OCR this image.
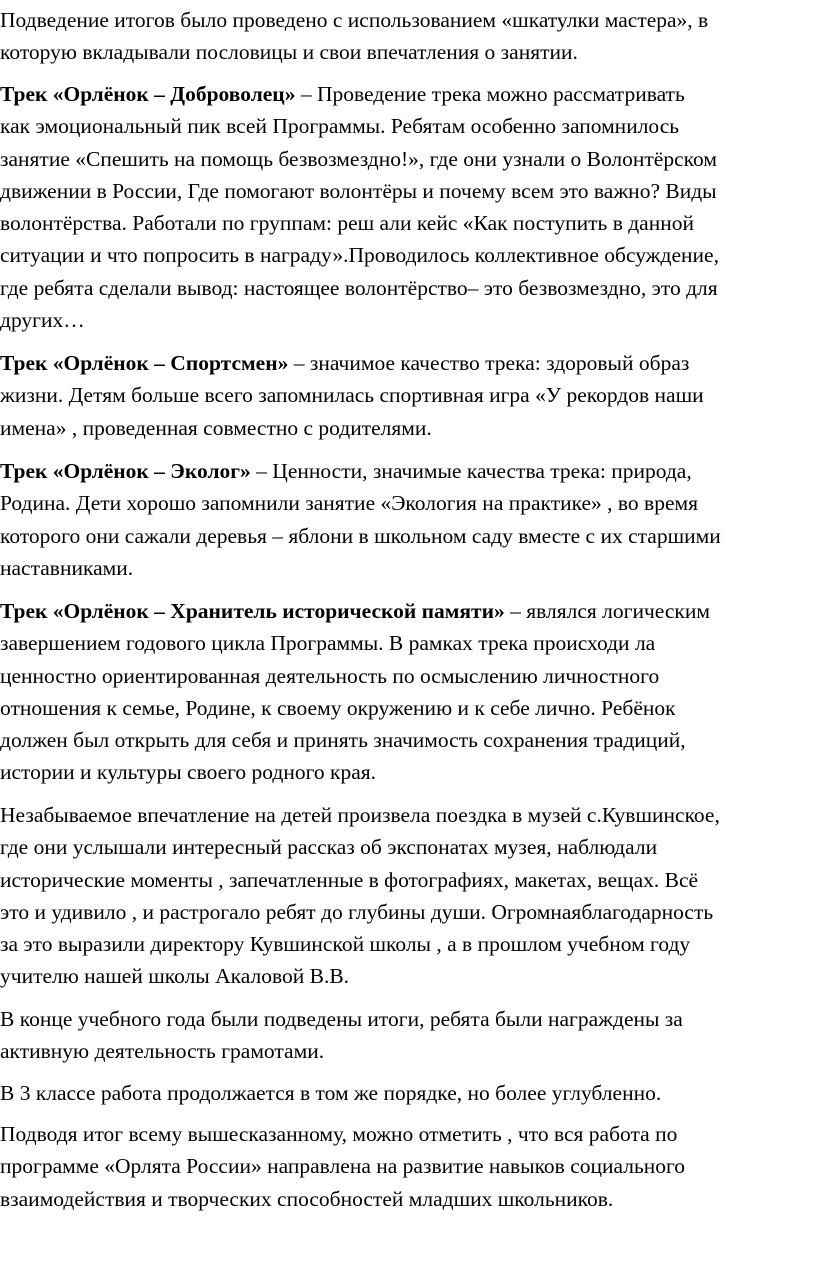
Подведение итогов было проведено с использованием «шкатулки мастера», в
которую вкладывали пословицы и свои впечатления о занятии.
Трек «Орлёнок – Доброволец» – Проведение трека можно рассматривать
как эмоциональный пик всей Программы. Ребятам особенно запомнилось
занятие «Спешить на помощь безвозмездно!», где они узнали о Волонтёрском
движении в России, Где помогают волонтёры и почему всем это важно? Виды
волонтёрства. Работали по группам: реш али кейс «Как поступить в данной
ситуации и что попросить в награду».Проводилось коллективное обсуждение,
где ребята сделали вывод: настоящее волонтёрство– это безвозмездно, это для
других…
Трек «Орлёнок – Спортсмен» – значимое качество трека: здоровый образ
жизни. Детям больше всего запомнилась спортивная игра «У рекордов наши
имена» , проведенная совместно с родителями.
Трек «Орлёнок – Эколог» – Ценности, значимые качества трека: природа,
Родина. Дети хорошо запомнили занятие «Экология на практике» , во время
которого они сажали деревья – яблони в школьном саду вместе с их старшими
наставниками.
Трек «Орлёнок – Хранитель исторической памяти» – являлся логическим
завершением годового цикла Программы. В рамках трека происходи ла
ценностно ориентированная деятельность по осмыслению личностного
отношения к семье, Родине, к своему окружению и к себе лично. Ребёнок
должен был открыть для себя и принять значимость сохранения традиций,
истории и культуры своего родного края.
Незабываемое впечатление на детей произвела поездка в музей с.Кувшинское,
где они услышали интересный рассказ об экспонатах музея, наблюдали
исторические моменты , запечатленные в фотографиях, макетах, вещах. Всё
это и удивило , и растрогало ребят до глубины души. Огромнаяблагодарность
за это выразили директору Кувшинской школы , а в прошлом учебном году
учителю нашей школы Акаловой В.В.
В конце учебного года были подведены итоги, ребята были награждены за
активную деятельность грамотами.
В 3 классе работа продолжается в том же порядке, но более углубленно.
Подводя итог всему вышесказанному, можно отметить , что вся работа по
программе «Орлята России» направлена на развитие навыков социального
взаимодействия и творческих способностей младших школьников.
